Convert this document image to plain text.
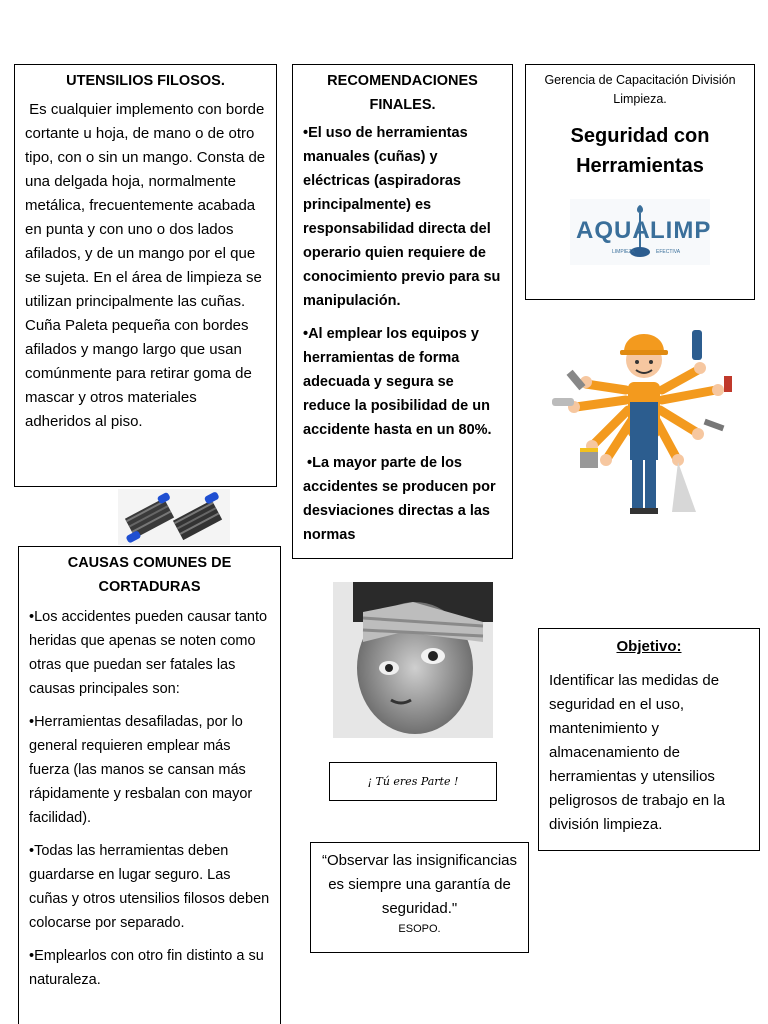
UTENSILIOS FILOSOS.

Es cualquier implemento con borde cortante u hoja, de mano o de otro tipo, con o sin un mango. Consta de una delgada hoja, normalmente metálica, frecuentemente acabada en punta y con uno o dos lados afilados, y de un mango por el que se sujeta. En el área de limpieza se utilizan principalmente las cuñas. Cuña Paleta pequeña con bordes afilados y mango largo que usan comúnmente para retirar goma de mascar y otros materiales adheridos al piso.

RECOMENDACIONES FINALES.

•El uso de herramientas manuales (cuñas) y eléctricas (aspiradoras principalmente) es responsabilidad directa del operario quien requiere de conocimiento previo para su manipulación.

•Al emplear los equipos y herramientas de forma adecuada y segura se reduce la posibilidad de un accidente hasta en un 80%.

•La mayor parte de los accidentes se producen por desviaciones directas a las normas

Gerencia de Capacitación División Limpieza.

Seguridad con Herramientas

AQUA LIMP
LIMPIEZA	EFECTIVA
¡ Tú eres Parte !

CAUSAS COMUNES DE CORTADURAS

•Los accidentes pueden causar tanto heridas que apenas se noten como otras que puedan ser fatales las causas principales son:

•Herramientas desafiladas, por lo general requieren emplear más fuerza (las manos se cansan más rápidamente y resbalan con mayor facilidad).

•Todas las herramientas deben guardarse en lugar seguro. Las cuñas y otros utensilios filosos deben colocarse por separado.

•Emplearlos con otro fin distinto a su naturaleza.

Objetivo:

Identificar las medidas de seguridad en el uso, mantenimiento y almacenamiento de herramientas y utensilios peligrosos de trabajo en la división limpieza.

“Observar las insignificancias es siempre una garantía de seguridad."

ESOPO.
